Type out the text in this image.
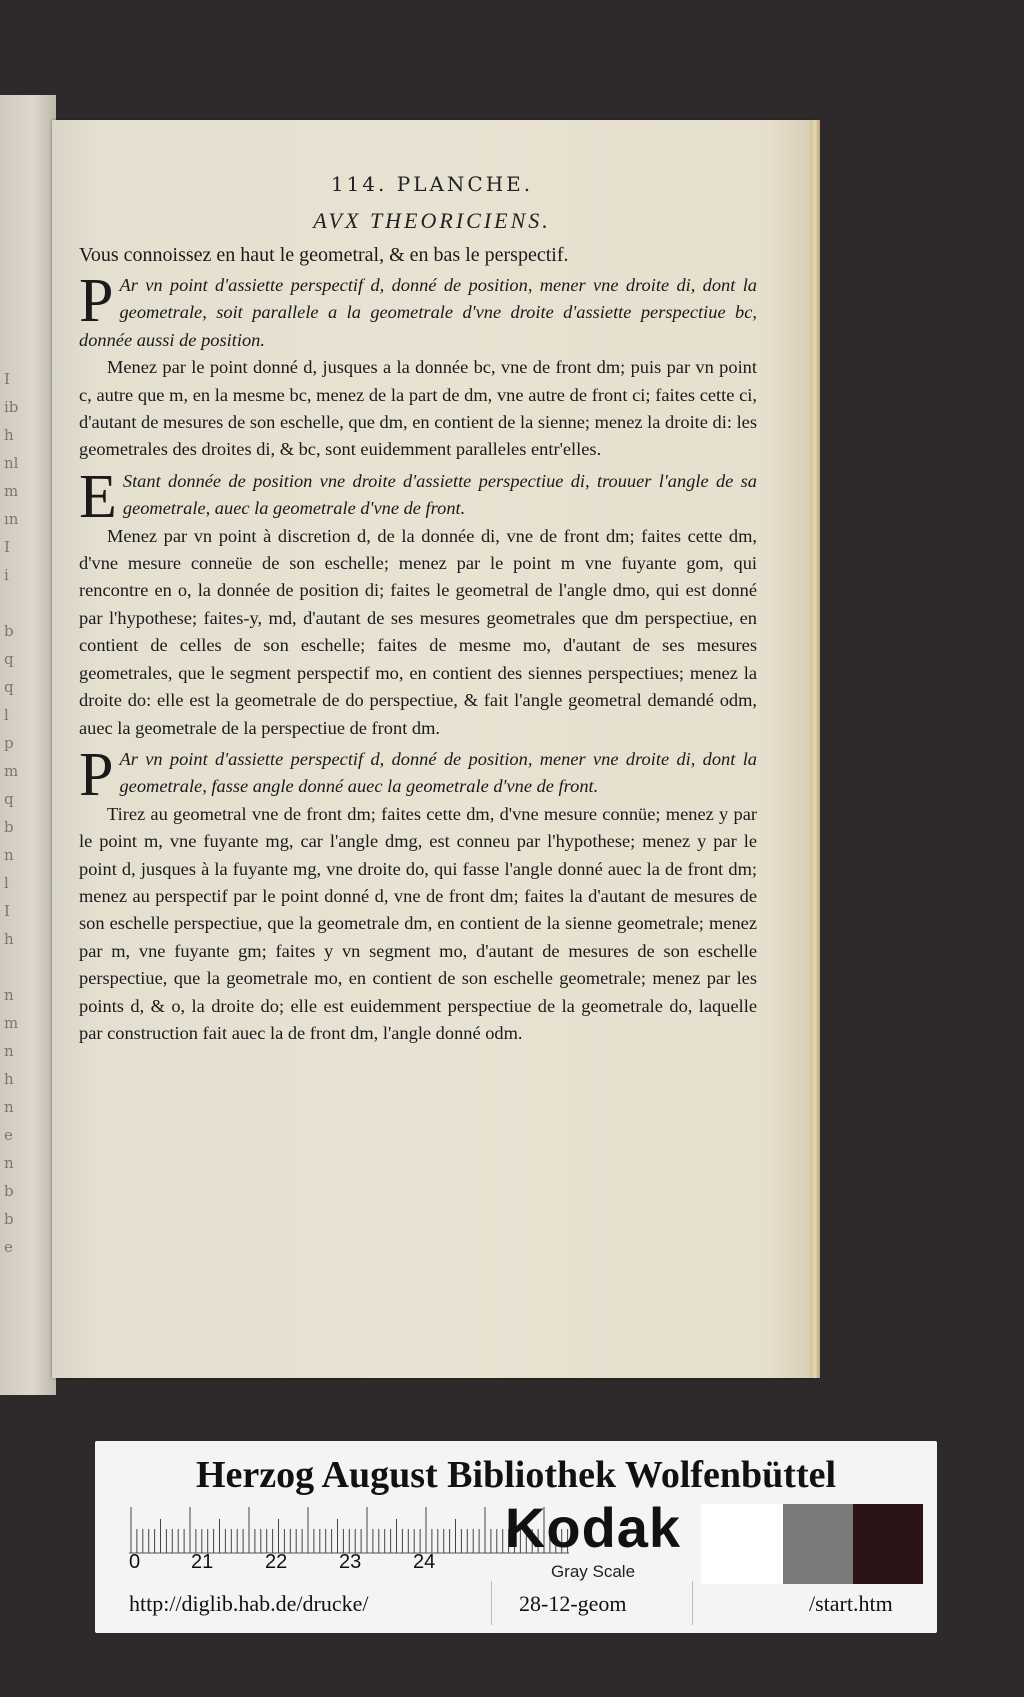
I
ib
h
nl
m
ın
I
i

b
q
q
l
p
m
q
b
n
l
I
h

n
m
n
h
n
e
n
b
b
e
114. PLANCHE.
AVX THEORICIENS.

Vous connoissez en haut le geometral, & en bas le perspectif.

P Ar vn point d'assiette perspectif d, donné de position, mener vne droite di, dont la geometrale, soit parallele a la geometrale d'vne droite d'assiette perspectiue bc, donnée aussi de position.

Menez par le point donné d, jusques a la donnée bc, vne de front dm; puis par vn point c, autre que m, en la mesme bc, menez de la part de dm, vne autre de front ci; faites cette ci, d'autant de mesures de son eschelle, que dm, en contient de la sienne; menez la droite di: les geometrales des droites di, & bc, sont euidemment paralleles entr'elles.

E Stant donnée de position vne droite d'assiette perspectiue di, trouuer l'angle de sa geometrale, auec la geometrale d'vne de front.

Menez par vn point à discretion d, de la donnée di, vne de front dm; faites cette dm, d'vne mesure conneüe de son eschelle; menez par le point m vne fuyante gom, qui rencontre en o, la donnée de position di; faites le geometral de l'angle dmo, qui est donné par l'hypothese; faites-y, md, d'autant de ses mesures geometrales que dm perspectiue, en contient de celles de son eschelle; faites de mesme mo, d'autant de ses mesures geometrales, que le segment perspectif mo, en contient des siennes perspectiues; menez la droite do: elle est la geometrale de do perspectiue, & fait l'angle geometral demandé odm, auec la geometrale de la perspectiue de front dm.

P Ar vn point d'assiette perspectif d, donné de position, mener vne droite di, dont la geometrale, fasse angle donné auec la geometrale d'vne de front.

Tirez au geometral vne de front dm; faites cette dm, d'vne mesure connüe; menez y par le point m, vne fuyante mg, car l'angle dmg, est conneu par l'hypothese; menez y par le point d, jusques à la fuyante mg, vne droite do, qui fasse l'angle donné auec la de front dm; menez au perspectif par le point donné d, vne de front dm; faites la d'autant de mesures de son eschelle perspectiue, que la geometrale dm, en contient de la sienne geometrale; menez par m, vne fuyante gm; faites y vn segment mo, d'autant de mesures de son eschelle perspectiue, que la geometrale mo, en contient de son eschelle geometrale; menez par les points d, & o, la droite do; elle est euidemment perspectiue de la geometrale do, laquelle par construction fait auec la de front dm, l'angle donné odm.

Herzog August Bibliothek Wolfenbüttel
0	21	22	23	24
Kodak
Gray Scale
http://diglib.hab.de/drucke/	28-12-geom	/start.htm
